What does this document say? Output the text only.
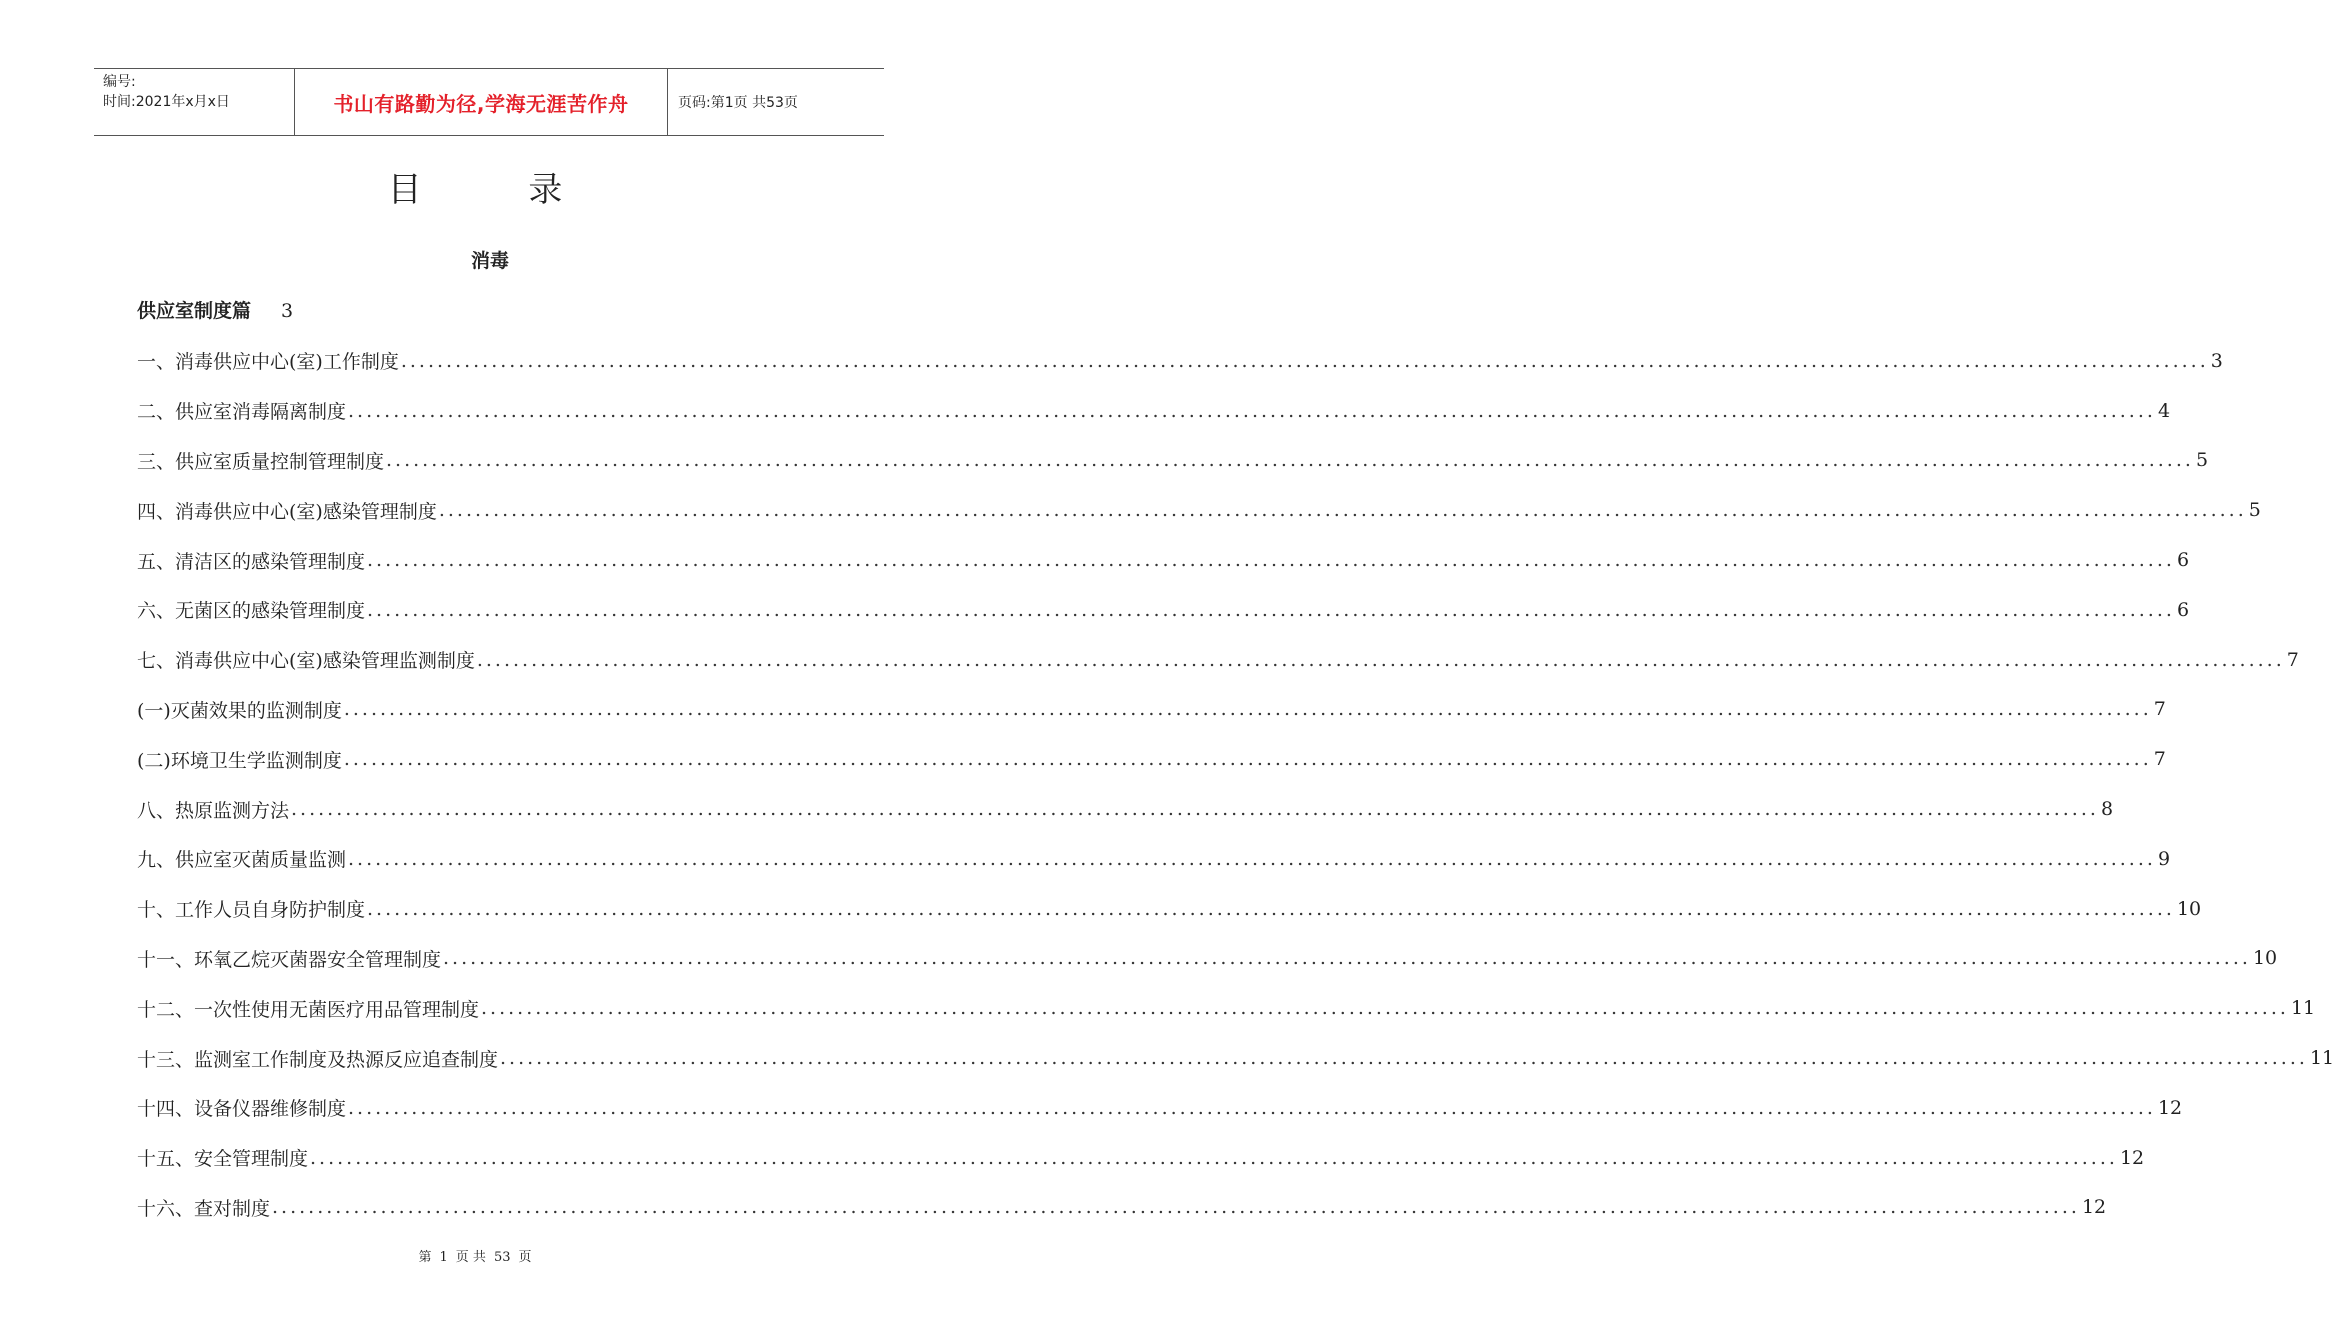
编号:
时间:2021年x月x日	书山有路勤为径,学海无涯苦作舟	页码:第1页 共53页
目 录
消毒
供应室制度篇 3
一、消毒供应中心(室)工作制度 ........................................................................................................................................................................................................ 3
二、供应室消毒隔离制度 ........................................................................................................................................................................................................ 4
三、供应室质量控制管理制度 ........................................................................................................................................................................................................ 5
四、消毒供应中心(室)感染管理制度 ........................................................................................................................................................................................................ 5
五、清洁区的感染管理制度 ........................................................................................................................................................................................................ 6
六、无菌区的感染管理制度 ........................................................................................................................................................................................................ 6
七、消毒供应中心(室)感染管理监测制度 ........................................................................................................................................................................................................ 7
(一)灭菌效果的监测制度 ........................................................................................................................................................................................................ 7
(二)环境卫生学监测制度 ........................................................................................................................................................................................................ 7
八、热原监测方法 ........................................................................................................................................................................................................ 8
九、供应室灭菌质量监测 ........................................................................................................................................................................................................ 9
十、工作人员自身防护制度 ........................................................................................................................................................................................................ 10
十一、环氧乙烷灭菌器安全管理制度 ........................................................................................................................................................................................................ 10
十二、一次性使用无菌医疗用品管理制度 ........................................................................................................................................................................................................ 11
十三、监测室工作制度及热源反应追查制度 ........................................................................................................................................................................................................ 11
十四、设备仪器维修制度 ........................................................................................................................................................................................................ 12
十五、安全管理制度 ........................................................................................................................................................................................................ 12
十六、查对制度 ........................................................................................................................................................................................................ 12
第 1 页 共 53 页
